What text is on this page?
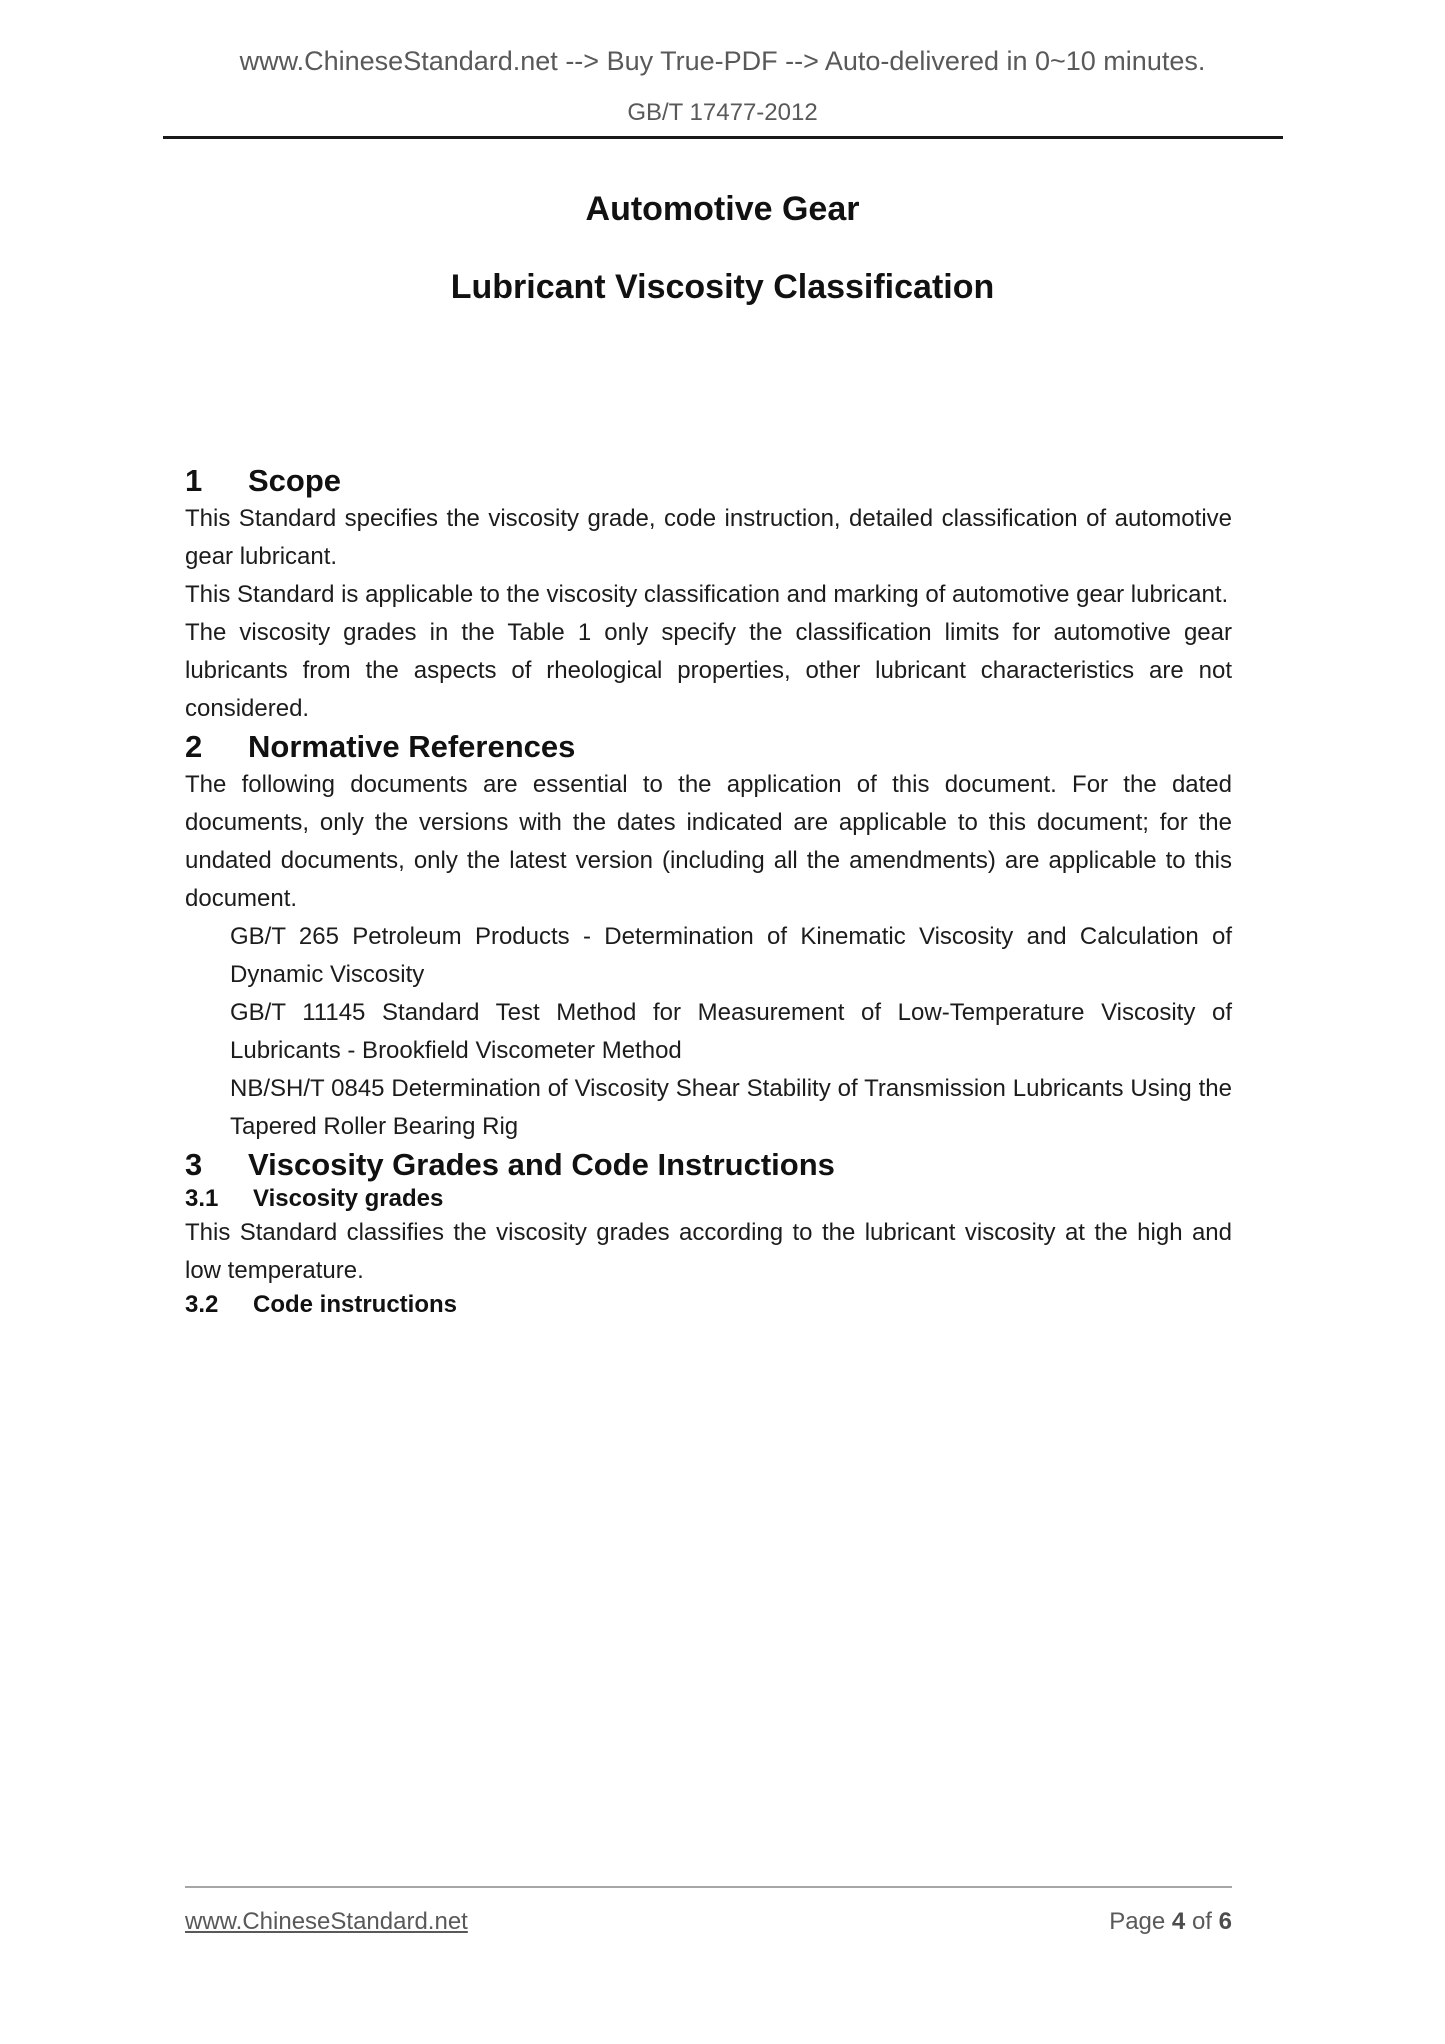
www.ChineseStandard.net --> Buy True-PDF --> Auto-delivered in 0~10 minutes.
GB/T 17477-2012
Automotive Gear
Lubricant Viscosity Classification
1 Scope

This Standard specifies the viscosity grade, code instruction, detailed classification of automotive gear lubricant.

This Standard is applicable to the viscosity classification and marking of automotive gear lubricant.

The viscosity grades in the Table 1 only specify the classification limits for automotive gear lubricants from the aspects of rheological properties, other lubricant characteristics are not considered.

2 Normative References

The following documents are essential to the application of this document. For the dated documents, only the versions with the dates indicated are applicable to this document; for the undated documents, only the latest version (including all the amendments) are applicable to this document.

GB/T 265 Petroleum Products - Determination of Kinematic Viscosity and Calculation of Dynamic Viscosity

GB/T 11145 Standard Test Method for Measurement of Low-Temperature Viscosity of Lubricants - Brookfield Viscometer Method

NB/SH/T 0845 Determination of Viscosity Shear Stability of Transmission Lubricants Using the Tapered Roller Bearing Rig

3 Viscosity Grades and Code Instructions
3.1 Viscosity grades

This Standard classifies the viscosity grades according to the lubricant viscosity at the high and low temperature.

3.2 Code instructions
www.ChineseStandard.net	Page 4 of 6
